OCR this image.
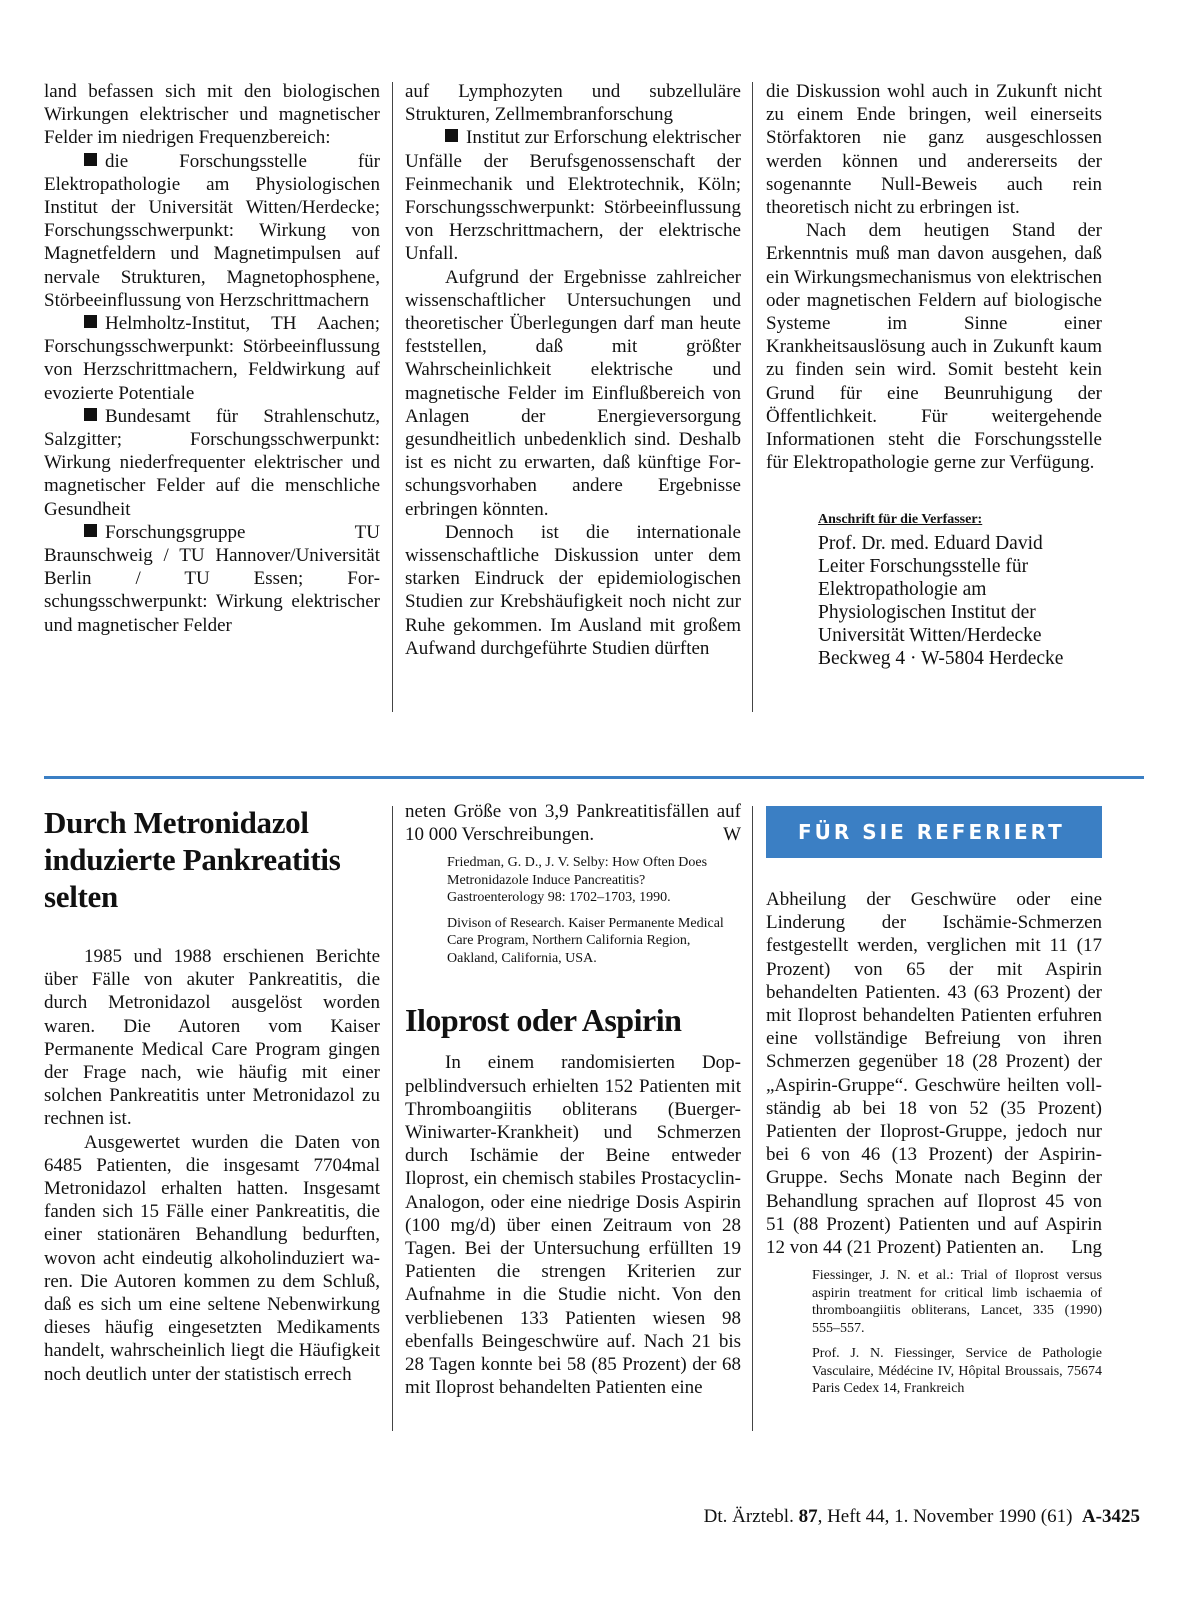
land befassen sich mit den biologischen Wirkungen elektrischer und magnetischer Felder im niedrigen Frequenzbereich:

die Forschungsstelle für Elektropathologie am Physiologischen Institut der Universität Witten/Herdecke; Forschungsschwerpunkt: Wirkung von Magnetfeldern und Magnetimpulsen auf nervale Strukturen, Magnetophosphene, Störbeeinflussung von Herzschrittmachern

Helmholtz-Institut, TH Aachen; Forschungsschwerpunkt: Störbeeinflussung von Herzschrittmachern, Feldwirkung auf evozierte Potentiale

Bundesamt für Strahlenschutz, Salzgitter; Forschungsschwerpunkt: Wirkung niederfrequenter elektrischer und magnetischer Felder auf die menschliche Gesundheit

Forschungsgruppe TU Braunschweig / TU Hannover/Universität Berlin / TU Essen; Forschungsschwerpunkt: Wirkung elektrischer und magnetischer Felder

auf Lymphozyten und subzelluläre Strukturen, Zellmembranforschung

Institut zur Erforschung elektrischer Unfälle der Berufsgenossenschaft der Feinmechanik und Elektrotechnik, Köln; Forschungsschwerpunkt: Störbeeinflussung von Herzschrittmachern, der elektrische Unfall.

Aufgrund der Ergebnisse zahlreicher wissenschaftlicher Untersuchungen und theoretischer Überlegungen darf man heute feststellen, daß mit größter Wahrscheinlichkeit elektrische und magnetische Felder im Einflußbereich von Anlagen der Energieversorgung gesundheitlich unbedenklich sind. Deshalb ist es nicht zu erwarten, daß künftige Forschungsvorhaben andere Ergebnisse erbringen könnten.

Dennoch ist die internationale wissenschaftliche Diskussion unter dem starken Eindruck der epidemiologischen Studien zur Krebshäufigkeit noch nicht zur Ruhe gekommen. Im Ausland mit großem Aufwand durchgeführte Studien dürften

die Diskussion wohl auch in Zukunft nicht zu einem Ende bringen, weil einerseits Störfaktoren nie ganz ausgeschlossen werden können und andererseits der sogenannte Null-Beweis auch rein theoretisch nicht zu erbringen ist.

Nach dem heutigen Stand der Erkenntnis muß man davon ausgehen, daß ein Wirkungsmechanismus von elektrischen oder magnetischen Feldern auf biologische Systeme im Sinne einer Krankheitsauslösung auch in Zukunft kaum zu finden sein wird. Somit besteht kein Grund für eine Beunruhigung der Öffentlichkeit. Für weitergehende Informationen steht die Forschungsstelle für Elektropathologie gerne zur Verfügung.

Anschrift für die Verfasser:
Prof. Dr. med. Eduard David
Leiter Forschungsstelle für
Elektropathologie am
Physiologischen Institut der
Universität Witten/Herdecke
Beckweg 4 · W-5804 Herdecke
Durch Metronidazol induzierte Pankreatitis selten

1985 und 1988 erschienen Berichte über Fälle von akuter Pankreatitis, die durch Metronidazol ausgelöst worden waren. Die Autoren vom Kaiser Permanente Medical Care Program gingen der Frage nach, wie häufig mit einer solchen Pankreatitis unter Metronidazol zu rechnen ist.

Ausgewertet wurden die Daten von 6485 Patienten, die insgesamt 7704mal Metronidazol erhalten hatten. Insgesamt fanden sich 15 Fälle einer Pankreatitis, die einer stationären Behandlung bedurften, wovon acht eindeutig alkoholinduziert waren. Die Autoren kommen zu dem Schluß, daß es sich um eine seltene Nebenwirkung dieses häufig eingesetzten Medikaments handelt, wahrscheinlich liegt die Häufigkeit noch deutlich unter der statistisch errech

neten Größe von 3,9 Pankreatitisfällen auf 10 000 Verschreibungen.	W

Friedman, G. D., J. V. Selby: How Often Does Metronidazole Induce Pancreatitis? Gastroenterology 98: 1702–1703, 1990.
Divison of Research. Kaiser Permanente Medical Care Program, Northern California Region, Oakland, California, USA.
Iloprost oder Aspirin

In einem randomisierten Doppelblindversuch erhielten 152 Patienten mit Thromboangiitis obliterans (Buerger-Winiwarter-Krankheit) und Schmerzen durch Ischämie der Beine entweder Iloprost, ein chemisch stabiles Prostacyclin-Analogon, oder eine niedrige Dosis Aspirin (100 mg/d) über einen Zeitraum von 28 Tagen. Bei der Untersuchung erfüllten 19 Patienten die strengen Kriterien zur Aufnahme in die Studie nicht. Von den verbliebenen 133 Patienten wiesen 98 ebenfalls Beingeschwüre auf. Nach 21 bis 28 Tagen konnte bei 58 (85 Prozent) der 68 mit Iloprost behandelten Patienten eine

FÜR SIE REFERIERT

Abheilung der Geschwüre oder eine Linderung der Ischämie-Schmerzen festgestellt werden, verglichen mit 11 (17 Prozent) von 65 der mit Aspirin behandelten Patienten. 43 (63 Prozent) der mit Iloprost behandelten Patienten erfuhren eine vollständige Befreiung von ihren Schmerzen gegenüber 18 (28 Prozent) der „Aspirin-Gruppe“. Geschwüre heilten vollständig ab bei 18 von 52 (35 Prozent) Patienten der Iloprost-Gruppe, jedoch nur bei 6 von 46 (13 Prozent) der Aspirin-Gruppe. Sechs Monate nach Beginn der Behandlung sprachen auf Iloprost 45 von 51 (88 Prozent) Patienten und auf Aspirin 12 von 44 (21 Prozent) Patienten an. Lng

Fiessinger, J. N. et al.: Trial of Iloprost versus aspirin treatment for critical limb ischaemia of thromboangiitis obliterans, Lancet, 335 (1990) 555–557.
Prof. J. N. Fiessinger, Service de Pathologie Vasculaire, Médécine IV, Hôpital Broussais, 75674 Paris Cedex 14, Frankreich
Dt. Ärztebl. 87, Heft 44, 1. November 1990 (61) A-3425
